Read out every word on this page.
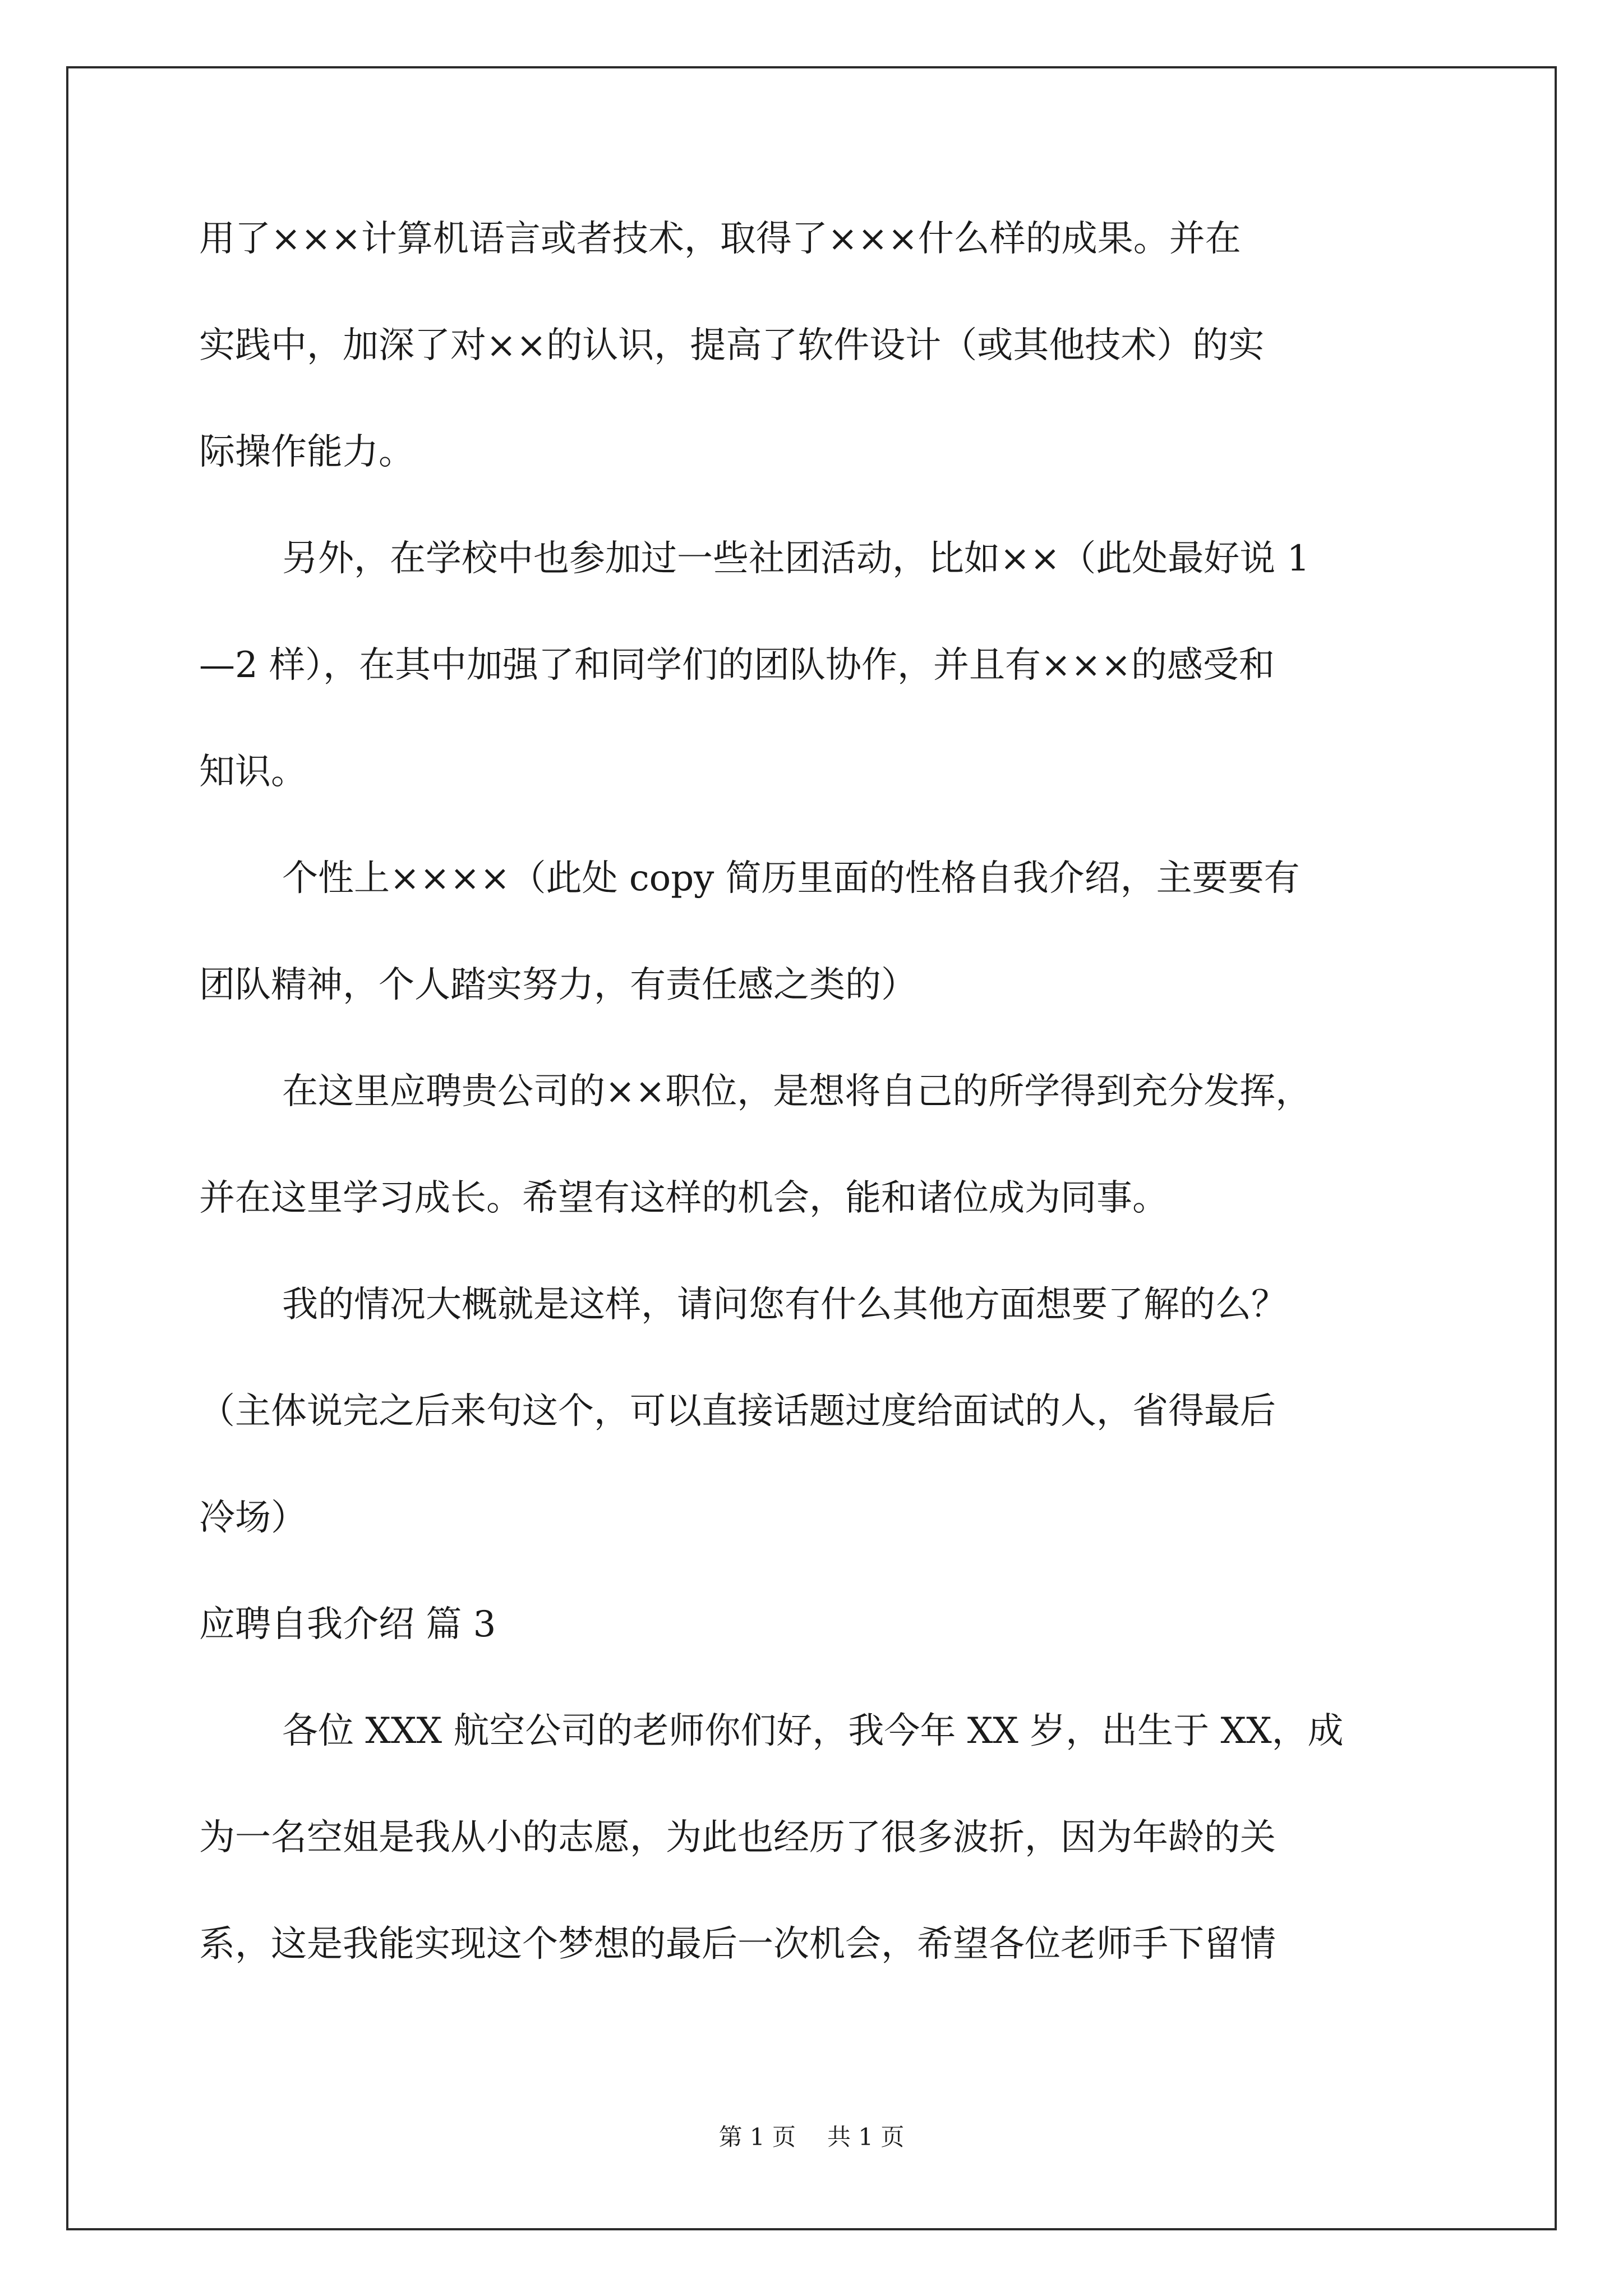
用了×××计算机语言或者技术，取得了×××什么样的成果。并在
实践中，加深了对××的认识，提高了软件设计（或其他技术）的实
际操作能力。
另外，在学校中也参加过一些社团活动，比如××（此处最好说 1
—2 样），在其中加强了和同学们的团队协作，并且有×××的感受和
知识。
个性上××××（此处 copy 简历里面的性格自我介绍，主要要有
团队精神，个人踏实努力，有责任感之类的）
在这里应聘贵公司的××职位，是想将自己的所学得到充分发挥，
并在这里学习成长。希望有这样的机会，能和诸位成为同事。
我的情况大概就是这样，请问您有什么其他方面想要了解的么？
（主体说完之后来句这个，可以直接话题过度给面试的人，省得最后
冷场）
应聘自我介绍 篇 3
各位 XXX 航空公司的老师你们好，我今年 XX 岁，出生于 XX，成
为一名空姐是我从小的志愿，为此也经历了很多波折，因为年龄的关
系，这是我能实现这个梦想的最后一次机会，希望各位老师手下留情
第 1 页 共 1 页
